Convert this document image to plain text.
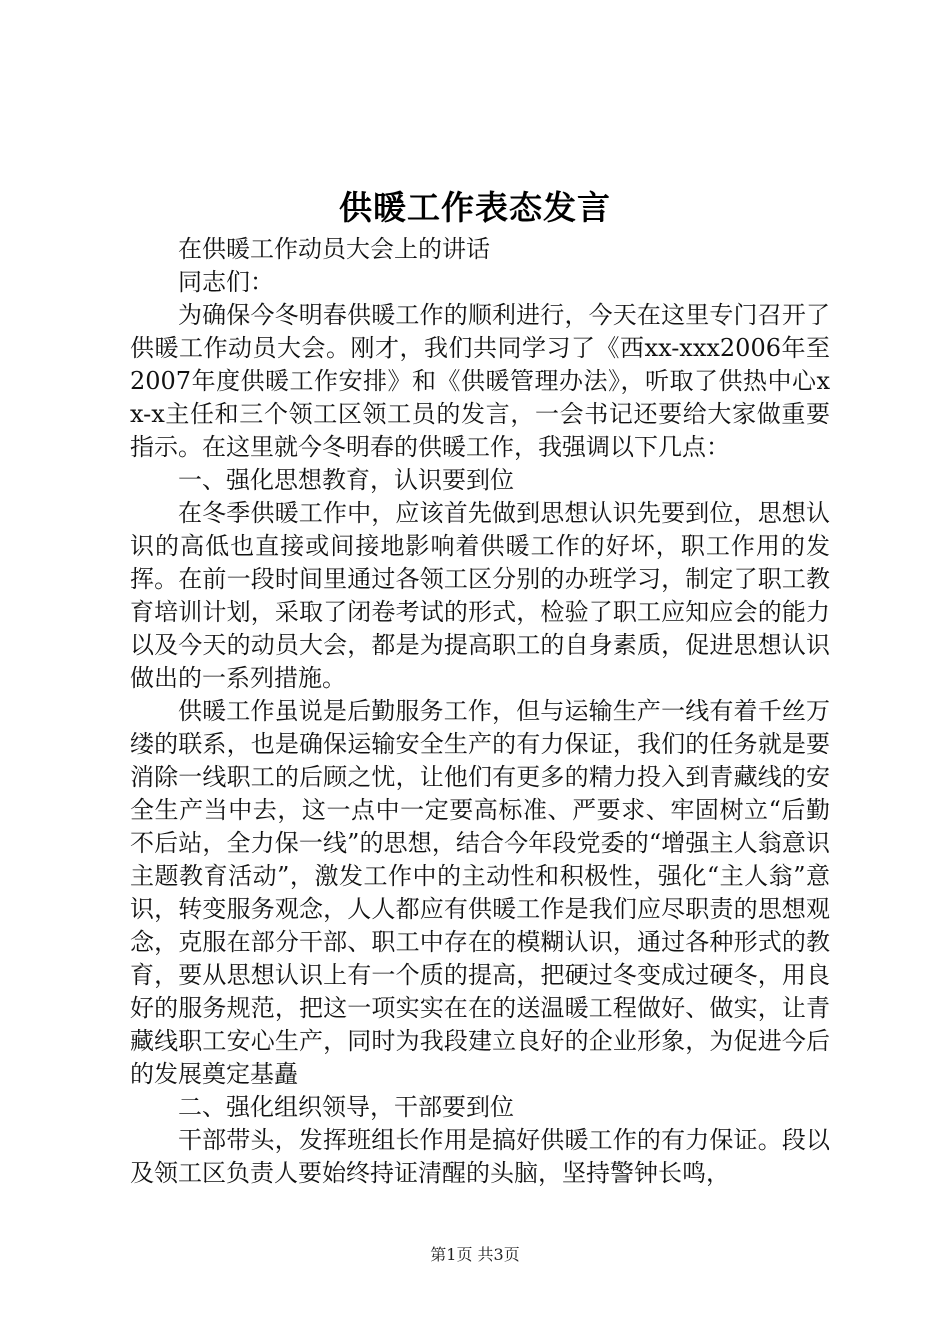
供暖工作表态发言

在供暖工作动员大会上的讲话

同志们：

为确保今冬明春供暖工作的顺利进行，今天在这里专门召开了供暖工作动员大会。刚才，我们共同学习了《西xx-xxx2006年至2007年度供暖工作安排》和《供暖管理办法》，听取了供热中心xx-x主任和三个领工区领工员的发言，一会书记还要给大家做重要指示。在这里就今冬明春的供暖工作，我强调以下几点：

一、强化思想教育，认识要到位

在冬季供暖工作中，应该首先做到思想认识先要到位，思想认识的高低也直接或间接地影响着供暖工作的好坏，职工作用的发挥。在前一段时间里通过各领工区分别的办班学习，制定了职工教育培训计划，采取了闭卷考试的形式，检验了职工应知应会的能力以及今天的动员大会，都是为提高职工的自身素质，促进思想认识做出的一系列措施。

供暖工作虽说是后勤服务工作，但与运输生产一线有着千丝万缕的联系，也是确保运输安全生产的有力保证，我们的任务就是要消除一线职工的后顾之忧，让他们有更多的精力投入到青藏线的安全生产当中去，这一点中一定要高标准、严要求、牢固树立“后勤不后站，全力保一线”的思想，结合今年段党委的“增强主人翁意识主题教育活动”，激发工作中的主动性和积极性，强化“主人翁”意识，转变服务观念，人人都应有供暖工作是我们应尽职责的思想观念，克服在部分干部、职工中存在的模糊认识，通过各种形式的教育，要从思想认识上有一个质的提高，把硬过冬变成过硬冬，用良好的服务规范，把这一项实实在在的送温暖工程做好、做实，让青藏线职工安心生产，同时为我段建立良好的企业形象，为促进今后的发展奠定基矗

二、强化组织领导，干部要到位

干部带头，发挥班组长作用是搞好供暖工作的有力保证。段以及领工区负责人要始终持证清醒的头脑，坚持警钟长鸣，

第1页 共3页
